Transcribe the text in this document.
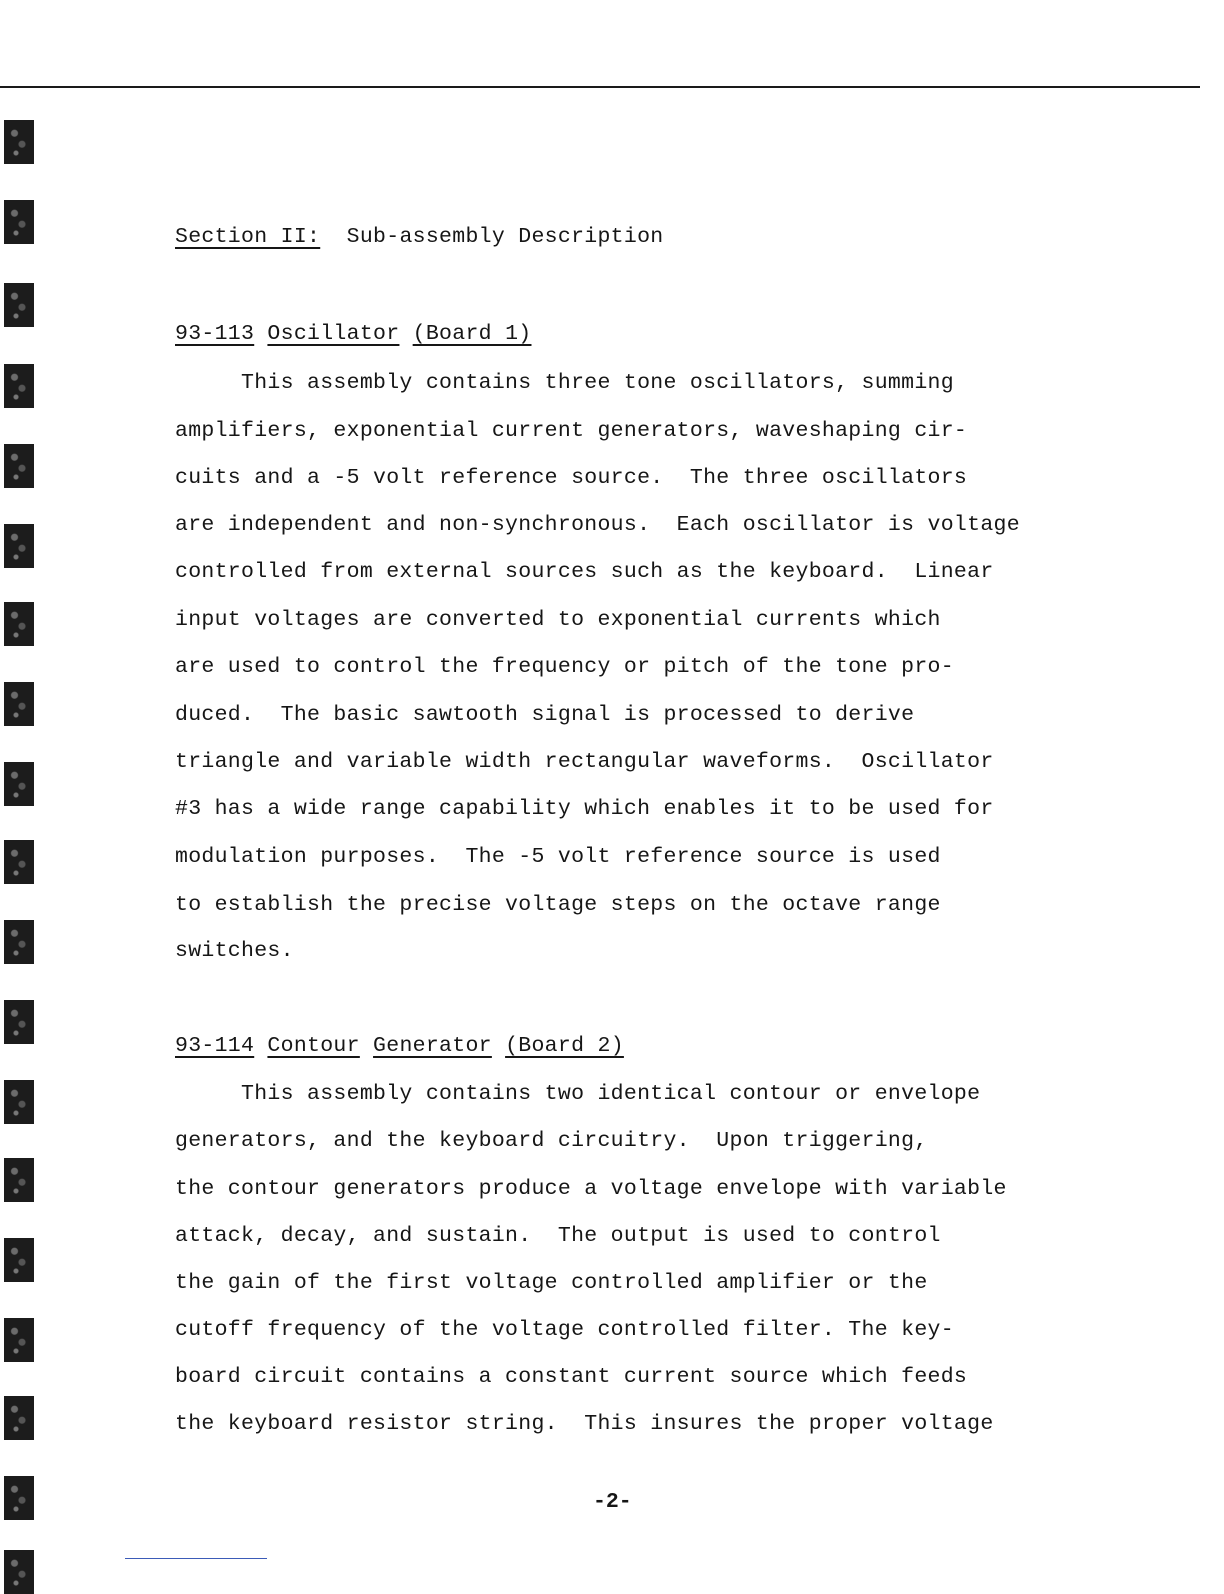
Section II: Sub-assembly Description
93-113 Oscillator (Board 1)
This assembly contains three tone oscillators, summing
amplifiers, exponential current generators, waveshaping cir-
cuits and a -5 volt reference source.  The three oscillators
are independent and non-synchronous.  Each oscillator is voltage
controlled from external sources such as the keyboard.  Linear
input voltages are converted to exponential currents which
are used to control the frequency or pitch of the tone pro-
duced.  The basic sawtooth signal is processed to derive
triangle and variable width rectangular waveforms.  Oscillator
#3 has a wide range capability which enables it to be used for
modulation purposes.  The -5 volt reference source is used
to establish the precise voltage steps on the octave range
switches.
93-114 Contour Generator (Board 2)
This assembly contains two identical contour or envelope
generators, and the keyboard circuitry.  Upon triggering,
the contour generators produce a voltage envelope with variable
attack, decay, and sustain.  The output is used to control
the gain of the first voltage controlled amplifier or the
cutoff frequency of the voltage controlled filter. The key-
board circuit contains a constant current source which feeds
the keyboard resistor string.  This insures the proper voltage
-2-
